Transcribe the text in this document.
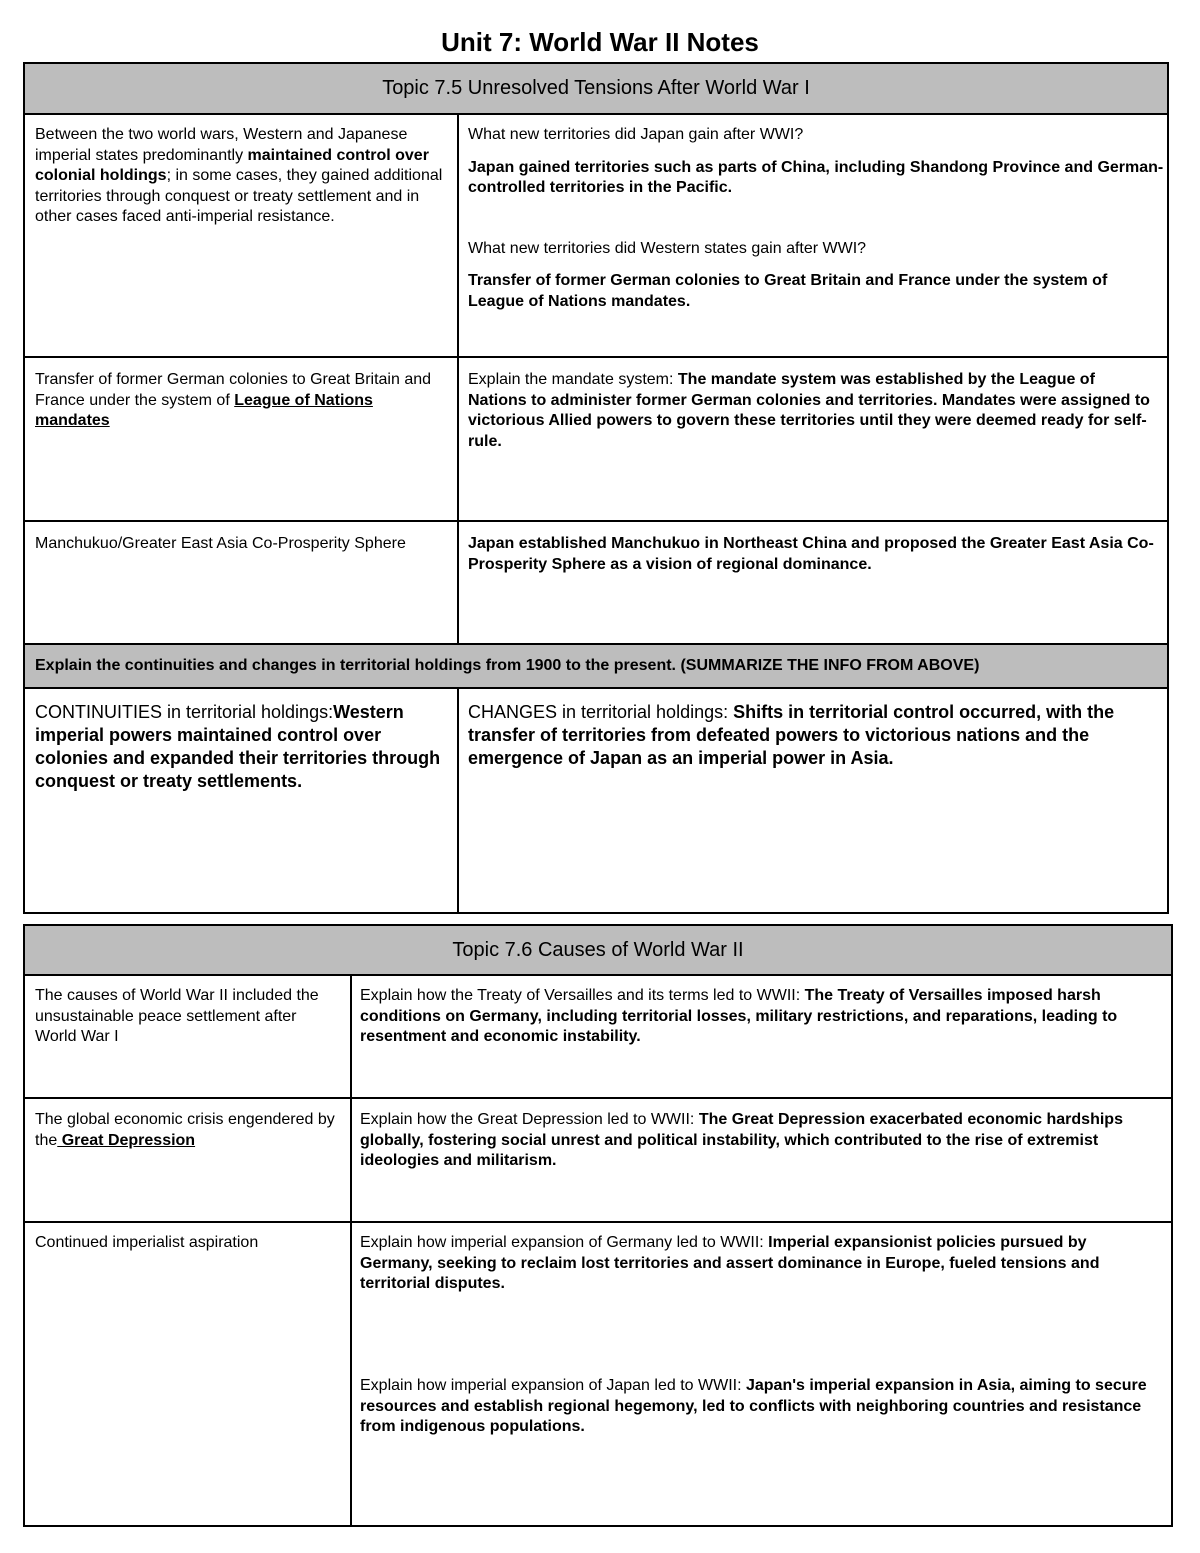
Unit 7: World War II Notes
Topic 7.5 Unresolved Tensions After World War I
Explain the continuities and changes in territorial holdings from 1900 to the present. (SUMMARIZE THE INFO FROM ABOVE)
Between the two world wars, Western and Japanese imperial states predominantly maintained control over colonial holdings; in some cases, they gained additional territories through conquest or treaty settlement and in other cases faced anti-imperial resistance.
What new territories did Japan gain after WWI?
Japan gained territories such as parts of China, including Shandong Province and German-controlled territories in the Pacific.
What new territories did Western states gain after WWI?
Transfer of former German colonies to Great Britain and France under the system of League of Nations mandates.
Transfer of former German colonies to Great Britain and France under the system of League of Nations mandates
Explain the mandate system: The mandate system was established by the League of Nations to administer former German colonies and territories. Mandates were assigned to victorious Allied powers to govern these territories until they were deemed ready for self-rule.
Manchukuo/Greater East Asia Co-Prosperity Sphere	Japan established Manchukuo in Northeast China and proposed the Greater East Asia Co-Prosperity Sphere as a vision of regional dominance.
CONTINUITIES in territorial holdings:Western imperial powers maintained control over colonies and expanded their territories through conquest or treaty settlements.
CHANGES in territorial holdings: Shifts in territorial control occurred, with the transfer of territories from defeated powers to victorious nations and the emergence of Japan as an imperial power in Asia.
Topic 7.6 Causes of World War II
The causes of World War II included the unsustainable peace settlement after World War I
Explain how the Treaty of Versailles and its terms led to WWII: The Treaty of Versailles imposed harsh conditions on Germany, including territorial losses, military restrictions, and reparations, leading to resentment and economic instability.
The global economic crisis engendered by the Great Depression
Explain how the Great Depression led to WWII: The Great Depression exacerbated economic hardships globally, fostering social unrest and political instability, which contributed to the rise of extremist ideologies and militarism.
Continued imperialist aspiration	Explain how imperial expansion of Germany led to WWII: Imperial expansionist policies pursued by Germany, seeking to reclaim lost territories and assert dominance in Europe, fueled tensions and territorial disputes.
Explain how imperial expansion of Japan led to WWII: Japan's imperial expansion in Asia, aiming to secure resources and establish regional hegemony, led to conflicts with neighboring countries and resistance from indigenous populations.
